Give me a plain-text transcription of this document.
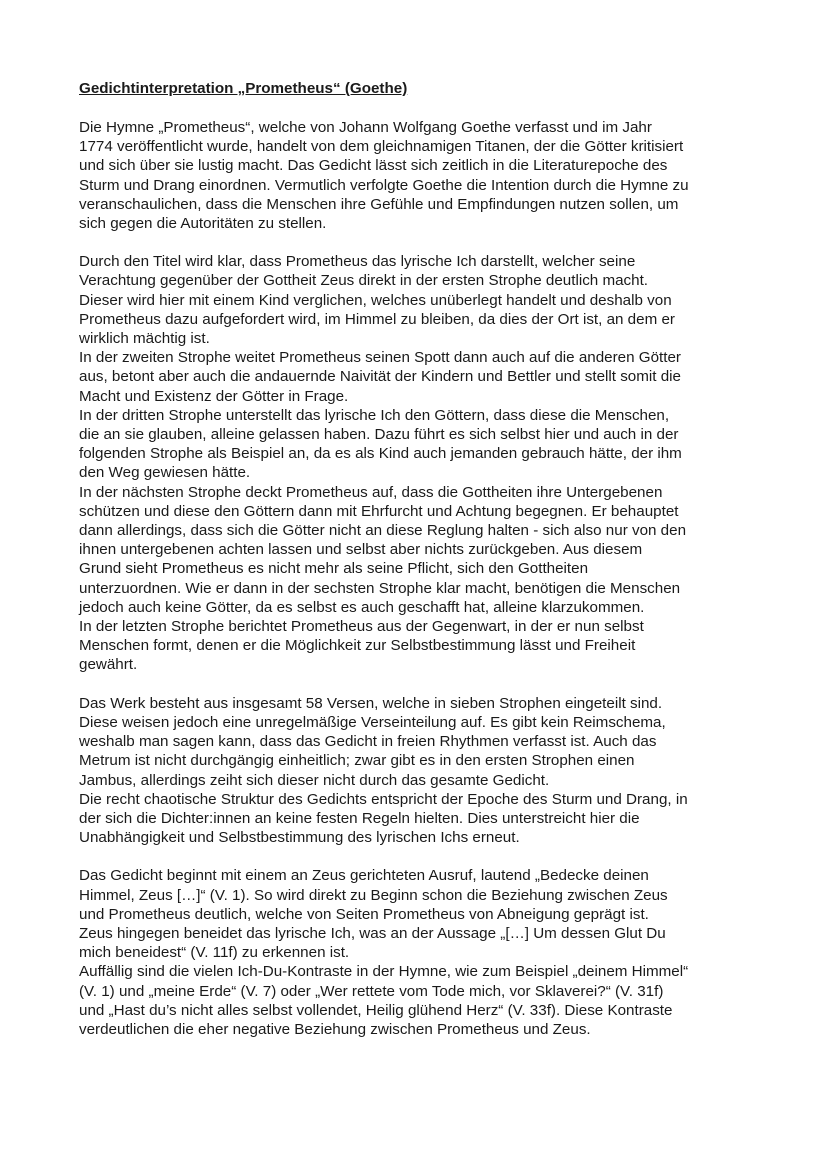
Gedichtinterpretation „Prometheus“ (Goethe)
Die Hymne „Prometheus“, welche von Johann Wolfgang Goethe verfasst und im Jahr
1774 veröffentlicht wurde, handelt von dem gleichnamigen Titanen, der die Götter kritisiert
und sich über sie lustig macht. Das Gedicht lässt sich zeitlich in die Literaturepoche des
Sturm und Drang einordnen. Vermutlich verfolgte Goethe die Intention durch die Hymne zu
veranschaulichen, dass die Menschen ihre Gefühle und Empfindungen nutzen sollen, um
sich gegen die Autoritäten zu stellen.
Durch den Titel wird klar, dass Prometheus das lyrische Ich darstellt, welcher seine
Verachtung gegenüber der Gottheit Zeus direkt in der ersten Strophe deutlich macht.
Dieser wird hier mit einem Kind verglichen, welches unüberlegt handelt und deshalb von
Prometheus dazu aufgefordert wird, im Himmel zu bleiben, da dies der Ort ist, an dem er
wirklich mächtig ist.
In der zweiten Strophe weitet Prometheus seinen Spott dann auch auf die anderen Götter
aus, betont aber auch die andauernde Naivität der Kindern und Bettler und stellt somit die
Macht und Existenz der Götter in Frage.
In der dritten Strophe unterstellt das lyrische Ich den Göttern, dass diese die Menschen,
die an sie glauben, alleine gelassen haben. Dazu führt es sich selbst hier und auch in der
folgenden Strophe als Beispiel an, da es als Kind auch jemanden gebrauch hätte, der ihm
den Weg gewiesen hätte.
In der nächsten Strophe deckt Prometheus auf, dass die Gottheiten ihre Untergebenen
schützen und diese den Göttern dann mit Ehrfurcht und Achtung begegnen. Er behauptet
dann allerdings, dass sich die Götter nicht an diese Reglung halten - sich also nur von den
ihnen untergebenen achten lassen und selbst aber nichts zurückgeben. Aus diesem
Grund sieht Prometheus es nicht mehr als seine Pflicht, sich den Gottheiten
unterzuordnen. Wie er dann in der sechsten Strophe klar macht, benötigen die Menschen
jedoch auch keine Götter, da es selbst es auch geschafft hat, alleine klarzukommen.
In der letzten Strophe berichtet Prometheus aus der Gegenwart, in der er nun selbst
Menschen formt, denen er die Möglichkeit zur Selbstbestimmung lässt und Freiheit
gewährt.
Das Werk besteht aus insgesamt 58 Versen, welche in sieben Strophen eingeteilt sind.
Diese weisen jedoch eine unregelmäßige Verseinteilung auf. Es gibt kein Reimschema,
weshalb man sagen kann, dass das Gedicht in freien Rhythmen verfasst ist. Auch das
Metrum ist nicht durchgängig einheitlich; zwar gibt es in den ersten Strophen einen
Jambus, allerdings zeiht sich dieser nicht durch das gesamte Gedicht.
Die recht chaotische Struktur des Gedichts entspricht der Epoche des Sturm und Drang, in
der sich die Dichter:innen an keine festen Regeln hielten. Dies unterstreicht hier die
Unabhängigkeit und Selbstbestimmung des lyrischen Ichs erneut.
Das Gedicht beginnt mit einem an Zeus gerichteten Ausruf, lautend „Bedecke deinen
Himmel, Zeus […]“ (V. 1). So wird direkt zu Beginn schon die Beziehung zwischen Zeus
und Prometheus deutlich, welche von Seiten Prometheus von Abneigung geprägt ist.
Zeus hingegen beneidet das lyrische Ich, was an der Aussage „[…] Um dessen Glut Du
mich beneidest“ (V. 11f) zu erkennen ist.
Auffällig sind die vielen Ich-Du-Kontraste in der Hymne, wie zum Beispiel „deinem Himmel“
(V. 1) und „meine Erde“ (V. 7) oder „Wer rettete vom Tode mich, vor Sklaverei?“ (V. 31f)
und „Hast du’s nicht alles selbst vollendet, Heilig glühend Herz“ (V. 33f). Diese Kontraste
verdeutlichen die eher negative Beziehung zwischen Prometheus und Zeus.
